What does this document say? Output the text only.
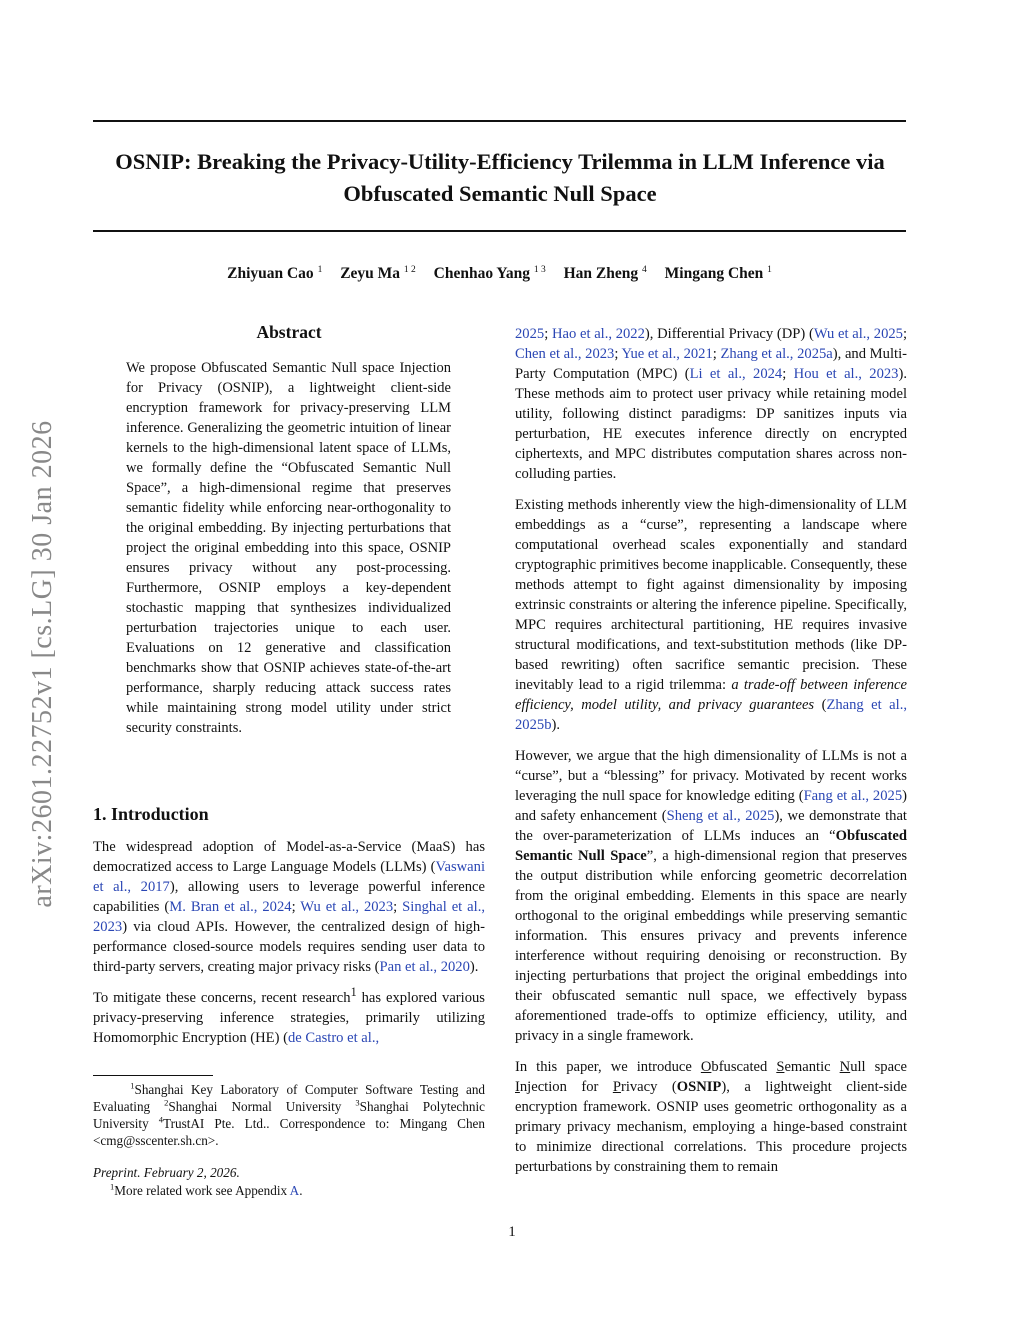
arXiv:2601.22752v1 [cs.LG] 30 Jan 2026
OSNIP: Breaking the Privacy-Utility-Efficiency Trilemma in LLM Inference via Obfuscated Semantic Null Space
Zhiyuan Cao $^1$ Zeyu Ma $^{1 2}$ Chenhao Yang $^{1 3}$ Han Zheng $^4$ Mingang Chen $^1$
Abstract
We propose Obfuscated Semantic Null space Injection for Privacy (OSNIP), a lightweight client-side encryption framework for privacy-preserving LLM inference. Generalizing the geometric intuition of linear kernels to the high-dimensional latent space of LLMs, we formally define the “Obfuscated Semantic Null Space”, a high-dimensional regime that preserves semantic fidelity while enforcing near-orthogonality to the original embedding. By injecting perturbations that project the original embedding into this space, OSNIP ensures privacy without any post-processing. Furthermore, OSNIP employs a key-dependent stochastic mapping that synthesizes individualized perturbation trajectories unique to each user. Evaluations on 12 generative and classification benchmarks show that OSNIP achieves state-of-the-art performance, sharply reducing attack success rates while maintaining strong model utility under strict security constraints.
1. Introduction

The widespread adoption of Model-as-a-Service (MaaS) has democratized access to Large Language Models (LLMs) (Vaswani et al., 2017), allowing users to leverage powerful inference capabilities (M. Bran et al., 2024; Wu et al., 2023; Singhal et al., 2023) via cloud APIs. However, the centralized design of high-performance closed-source models requires sending user data to third-party servers, creating major privacy risks (Pan et al., 2020).

To mitigate these concerns, recent research$^1$ has explored various privacy-preserving inference strategies, primarily utilizing Homomorphic Encryption (HE) (de Castro et al.,

$^1$Shanghai Key Laboratory of Computer Software Testing and Evaluating $^2$Shanghai Normal University $^3$Shanghai Polytechnic University $^4$TrustAI Pte. Ltd.. Correspondence to: Mingang Chen <cmg@sscenter.sh.cn>.
Preprint. February 2, 2026.
$^1$More related work see Appendix A.

2025; Hao et al., 2022), Differential Privacy (DP) (Wu et al., 2025; Chen et al., 2023; Yue et al., 2021; Zhang et al., 2025a), and Multi-Party Computation (MPC) (Li et al., 2024; Hou et al., 2023). These methods aim to protect user privacy while retaining model utility, following distinct paradigms: DP sanitizes inputs via perturbation, HE executes inference directly on encrypted ciphertexts, and MPC distributes computation shares across non-colluding parties.

Existing methods inherently view the high-dimensionality of LLM embeddings as a “curse”, representing a landscape where computational overhead scales exponentially and standard cryptographic primitives become inapplicable. Consequently, these methods attempt to fight against dimensionality by imposing extrinsic constraints or altering the inference pipeline. Specifically, MPC requires architectural partitioning, HE requires invasive structural modifications, and text-substitution methods (like DP-based rewriting) often sacrifice semantic precision. These inevitably lead to a rigid trilemma: a trade-off between inference efficiency, model utility, and privacy guarantees (Zhang et al., 2025b).

However, we argue that the high dimensionality of LLMs is not a “curse”, but a “blessing” for privacy. Motivated by recent works leveraging the null space for knowledge editing (Fang et al., 2025) and safety enhancement (Sheng et al., 2025), we demonstrate that the over-parameterization of LLMs induces an “Obfuscated Semantic Null Space”, a high-dimensional region that preserves the output distribution while enforcing geometric decorrelation from the original embedding. Elements in this space are nearly orthogonal to the original embeddings while preserving semantic information. This ensures privacy and prevents inference interference without requiring denoising or reconstruction. By injecting perturbations that project the original embeddings into their obfuscated semantic null space, we effectively bypass aforementioned trade-offs to optimize efficiency, utility, and privacy in a single framework.

In this paper, we introduce Obfuscated Semantic Null space Injection for Privacy (OSNIP), a lightweight client-side encryption framework. OSNIP uses geometric orthogonality as a primary privacy mechanism, employing a hinge-based constraint to minimize directional correlations. This procedure projects perturbations by constraining them to remain

1
